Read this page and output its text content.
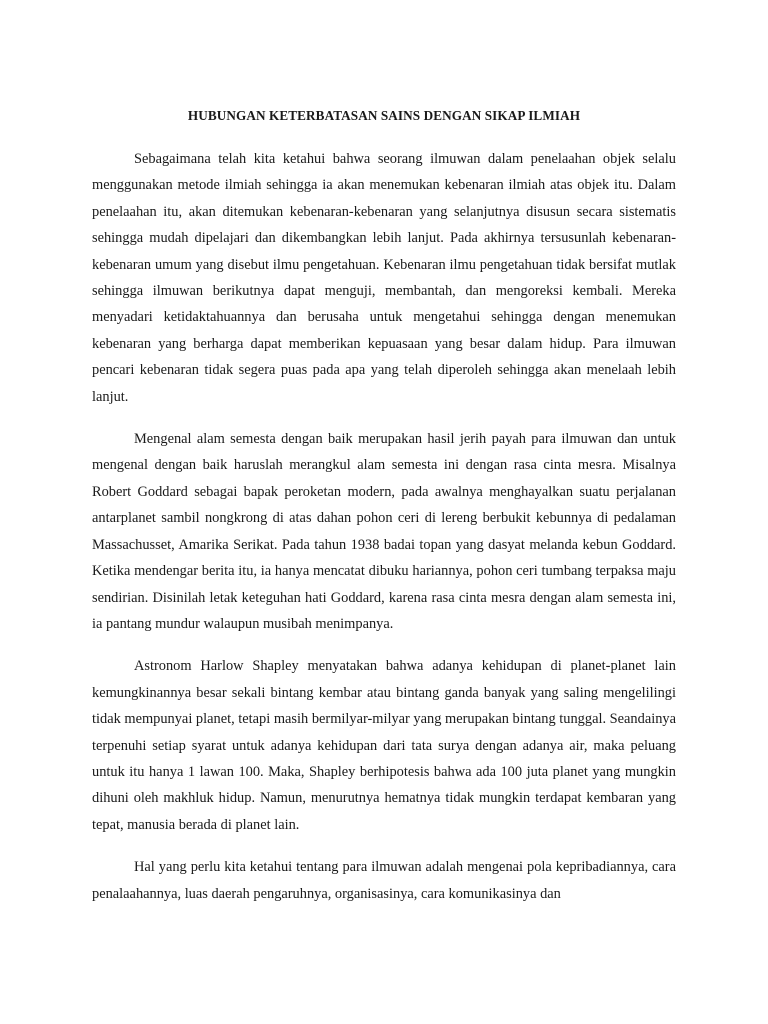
HUBUNGAN KETERBATASAN SAINS DENGAN SIKAP ILMIAH

Sebagaimana telah kita ketahui bahwa seorang ilmuwan dalam penelaahan objek selalu menggunakan metode ilmiah sehingga ia akan menemukan kebenaran ilmiah atas objek itu. Dalam penelaahan itu, akan ditemukan kebenaran-kebenaran yang selanjutnya disusun secara sistematis sehingga mudah dipelajari dan dikembangkan lebih lanjut. Pada akhirnya tersusunlah kebenaran-kebenaran umum yang disebut ilmu pengetahuan. Kebenaran ilmu pengetahuan tidak bersifat mutlak sehingga ilmuwan berikutnya dapat menguji, membantah, dan mengoreksi kembali. Mereka menyadari ketidaktahuannya dan berusaha untuk mengetahui sehingga dengan menemukan kebenaran yang berharga dapat memberikan kepuasaan yang besar dalam hidup. Para ilmuwan pencari kebenaran tidak segera puas pada apa yang telah diperoleh sehingga akan menelaah lebih lanjut.

Mengenal alam semesta dengan baik merupakan hasil jerih payah para ilmuwan dan untuk mengenal dengan baik haruslah merangkul alam semesta ini dengan rasa cinta mesra. Misalnya Robert Goddard sebagai bapak peroketan modern, pada awalnya menghayalkan suatu perjalanan antarplanet sambil nongkrong di atas dahan pohon ceri di lereng berbukit kebunnya di pedalaman Massachusset, Amarika Serikat. Pada tahun 1938 badai topan yang dasyat melanda kebun Goddard. Ketika mendengar berita itu, ia hanya mencatat dibuku hariannya, pohon ceri tumbang terpaksa maju sendirian. Disinilah letak keteguhan hati Goddard, karena rasa cinta mesra dengan alam semesta ini, ia pantang mundur walaupun musibah menimpanya.

Astronom Harlow Shapley menyatakan bahwa adanya kehidupan di planet-planet lain kemungkinannya besar sekali bintang kembar atau bintang ganda banyak yang saling mengelilingi tidak mempunyai planet, tetapi masih bermilyar-milyar yang merupakan bintang tunggal. Seandainya terpenuhi setiap syarat untuk adanya kehidupan dari tata surya dengan adanya air, maka peluang untuk itu hanya 1 lawan 100. Maka, Shapley berhipotesis bahwa ada 100 juta planet yang mungkin dihuni oleh makhluk hidup. Namun, menurutnya hematnya tidak mungkin terdapat kembaran yang tepat, manusia berada di planet lain.

Hal yang perlu kita ketahui tentang para ilmuwan adalah mengenai pola kepribadiannya, cara penalaahannya, luas daerah pengaruhnya, organisasinya, cara komunikasinya dan
